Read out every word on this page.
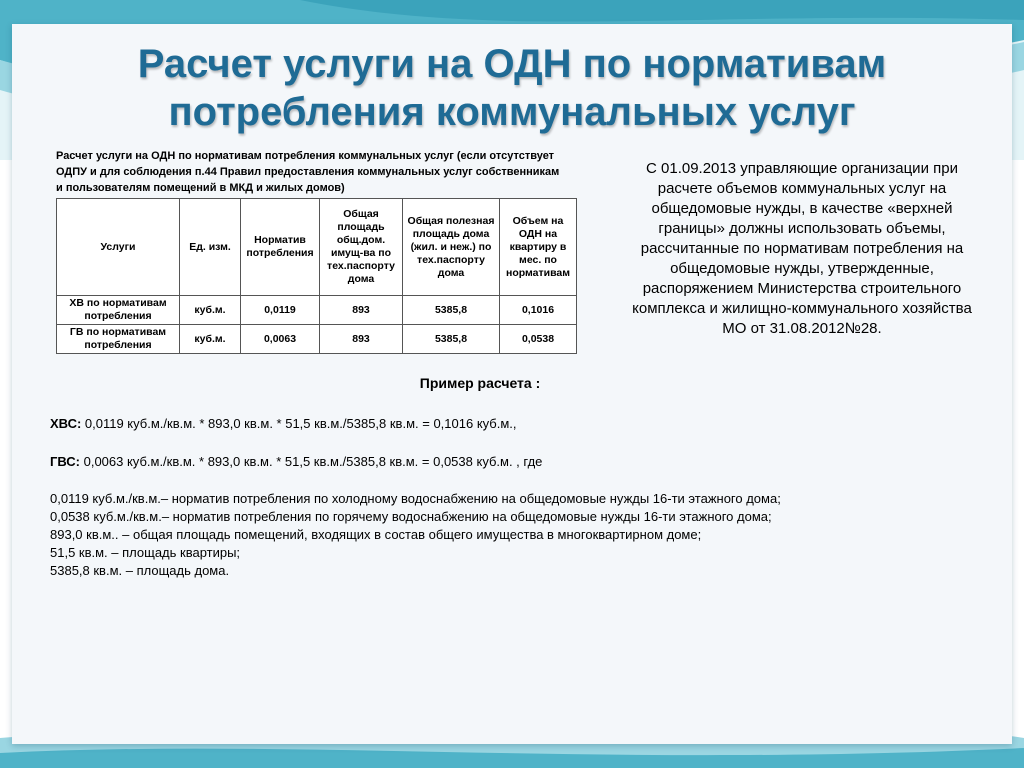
Расчет услуги на ОДН по нормативам потребления коммунальных услуг
Расчет услуги на ОДН по нормативам потребления коммунальных услуг (если отсутствует ОДПУ и для соблюдения п.44 Правил предоставления коммунальных услуг собственникам и пользователям помещений в МКД и жилых домов)
Услуги	Ед. изм.	Норматив потребления	Общая площадь общ.дом. имущ-ва по тех.паспорту дома	Общая полезная площадь дома (жил. и неж.) по тех.паспорту дома	Объем на ОДН на квартиру в мес. по нормативам
ХВ по нормативам потребления	куб.м.	0,0119	893	5385,8	0,1016
ГВ по нормативам потребления	куб.м.	0,0063	893	5385,8	0,0538
С 01.09.2013 управляющие организации при расчете объемов коммунальных услуг на общедомовые нужды, в качестве «верхней границы» должны использовать объемы, рассчитанные по нормативам потребления на общедомовые нужды, утвержденные, распоряжением Министерства строительного комплекса и жилищно-коммунального хозяйства МО от 31.08.2012№28.
Пример расчета :
ХВС: 0,0119 куб.м./кв.м. * 893,0 кв.м. * 51,5 кв.м./5385,8 кв.м. = 0,1016 куб.м.,
ГВС: 0,0063 куб.м./кв.м. * 893,0 кв.м. * 51,5 кв.м./5385,8 кв.м. = 0,0538 куб.м. , где
0,0119 куб.м./кв.м.– норматив потребления по холодному водоснабжению на общедомовые нужды 16-ти этажного дома;
0,0538 куб.м./кв.м.– норматив потребления по горячему водоснабжению на общедомовые нужды 16-ти этажного дома;
893,0 кв.м.. – общая площадь помещений, входящих в состав общего имущества в многоквартирном доме;
51,5 кв.м. – площадь квартиры;
5385,8 кв.м. – площадь дома.
